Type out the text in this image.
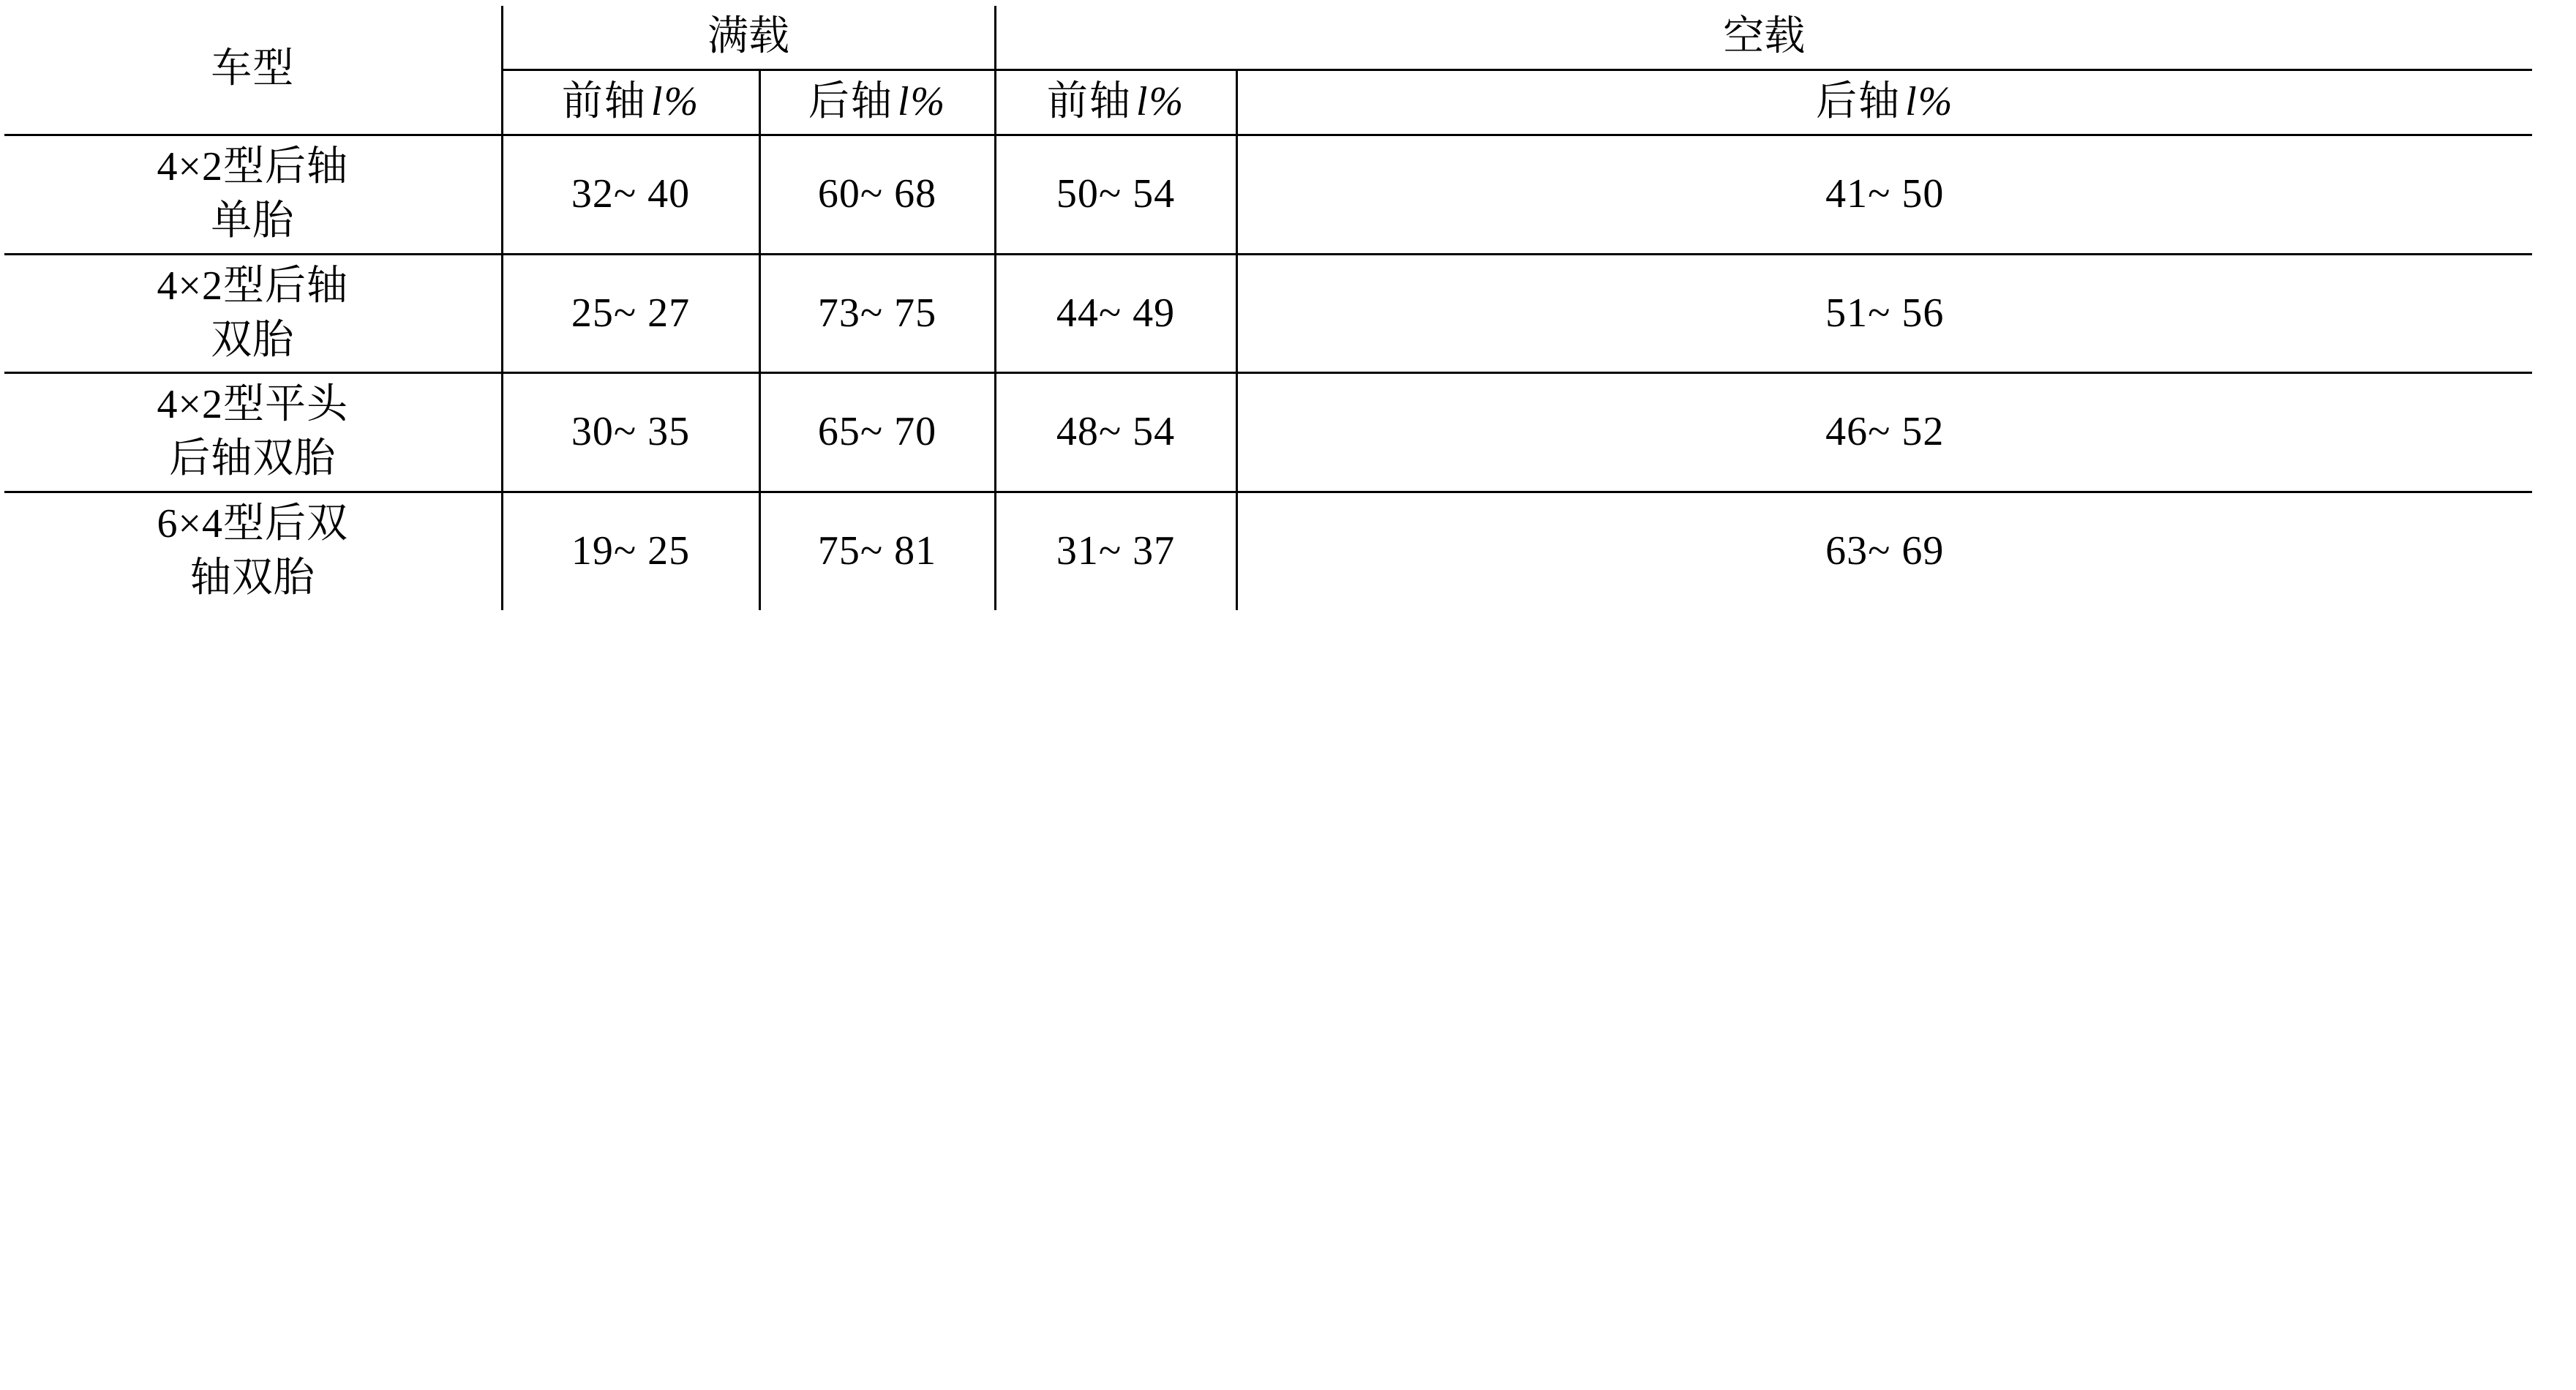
车型	满载		空载	
	前轴 l%	后轴 l%	前轴 l%	后轴 l%

4×2型后轴
单胎	32~ 40	60~ 68	50~ 54	41~ 50

4×2型后轴
双胎	25~ 27	73~ 75	44~ 49	51~ 56

4×2型平头
后轴双胎	30~ 35	65~ 70	48~ 54	46~ 52

6×4型后双
轴双胎	19~ 25	75~ 81	31~ 37	63~ 69
